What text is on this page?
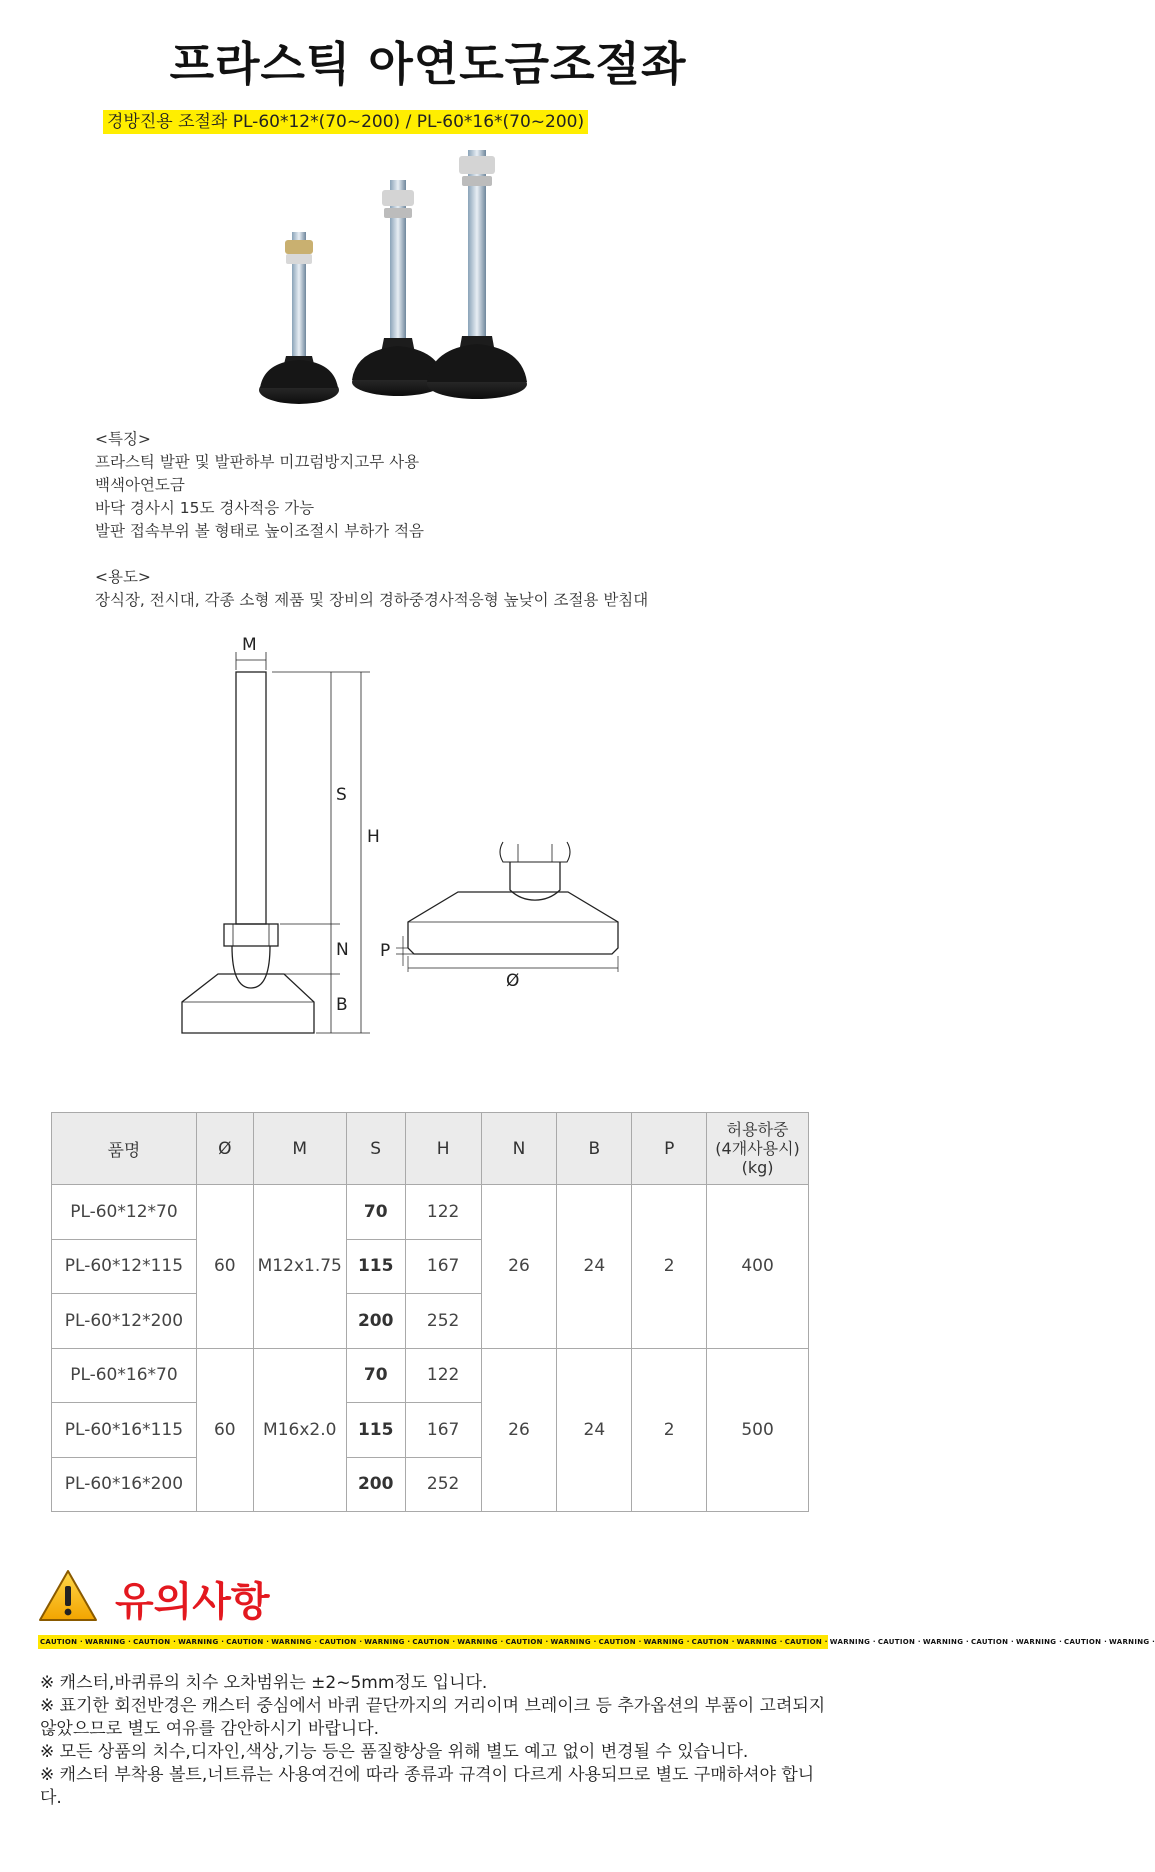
프라스틱 아연도금조절좌
경방진용 조절좌 PL-60*12*(70~200) / PL-60*16*(70~200)
<특징>
프라스틱 발판 및 발판하부 미끄럼방지고무 사용
백색아연도금
바닥 경사시 15도 경사적응 가능
발판 접속부위 볼 형태로 높이조절시 부하가 적음
<용도>
장식장, 전시대, 각종 소형 제품 및 장비의 경하중경사적응형 높낮이 조절용 받침대
M
S
N
B
H
P
Ø
품명	Ø	M	S	H	N	B	P	허용하중
(4개사용시)
(kg)

PL-60*12*70	60	M12x1.75	70	122	26	24	2	400
PL-60*12*115			115	167				
PL-60*12*200			200	252				
PL-60*16*70	60	M16x2.0	70	122	26	24	2	500
PL-60*16*115			115	167				
PL-60*16*200			200	252				
유의사항
CAUTION · WARNING · CAUTION · WARNING · CAUTION · WARNING · CAUTION · WARNING · CAUTION · WARNING · CAUTION · WARNING · CAUTION · WARNING · CAUTION · WARNING · CAUTION · WARNING · CAUTION · WARNING · CAUTION · WARNING · CAUTION · WARNING ·
※ 캐스터,바퀴류의 치수 오차범위는 ±2~5mm정도 입니다.
※ 표기한 회전반경은 캐스터 중심에서 바퀴 끝단까지의 거리이며 브레이크 등 추가옵션의 부품이 고려되지 않았으므로 별도 여유를 감안하시기 바랍니다.
※ 모든 상품의 치수,디자인,색상,기능 등은 품질향상을 위해 별도 예고 없이 변경될 수 있습니다.
※ 캐스터 부착용 볼트,너트류는 사용여건에 따라 종류과 규격이 다르게 사용되므로 별도 구매하셔야 합니다.
